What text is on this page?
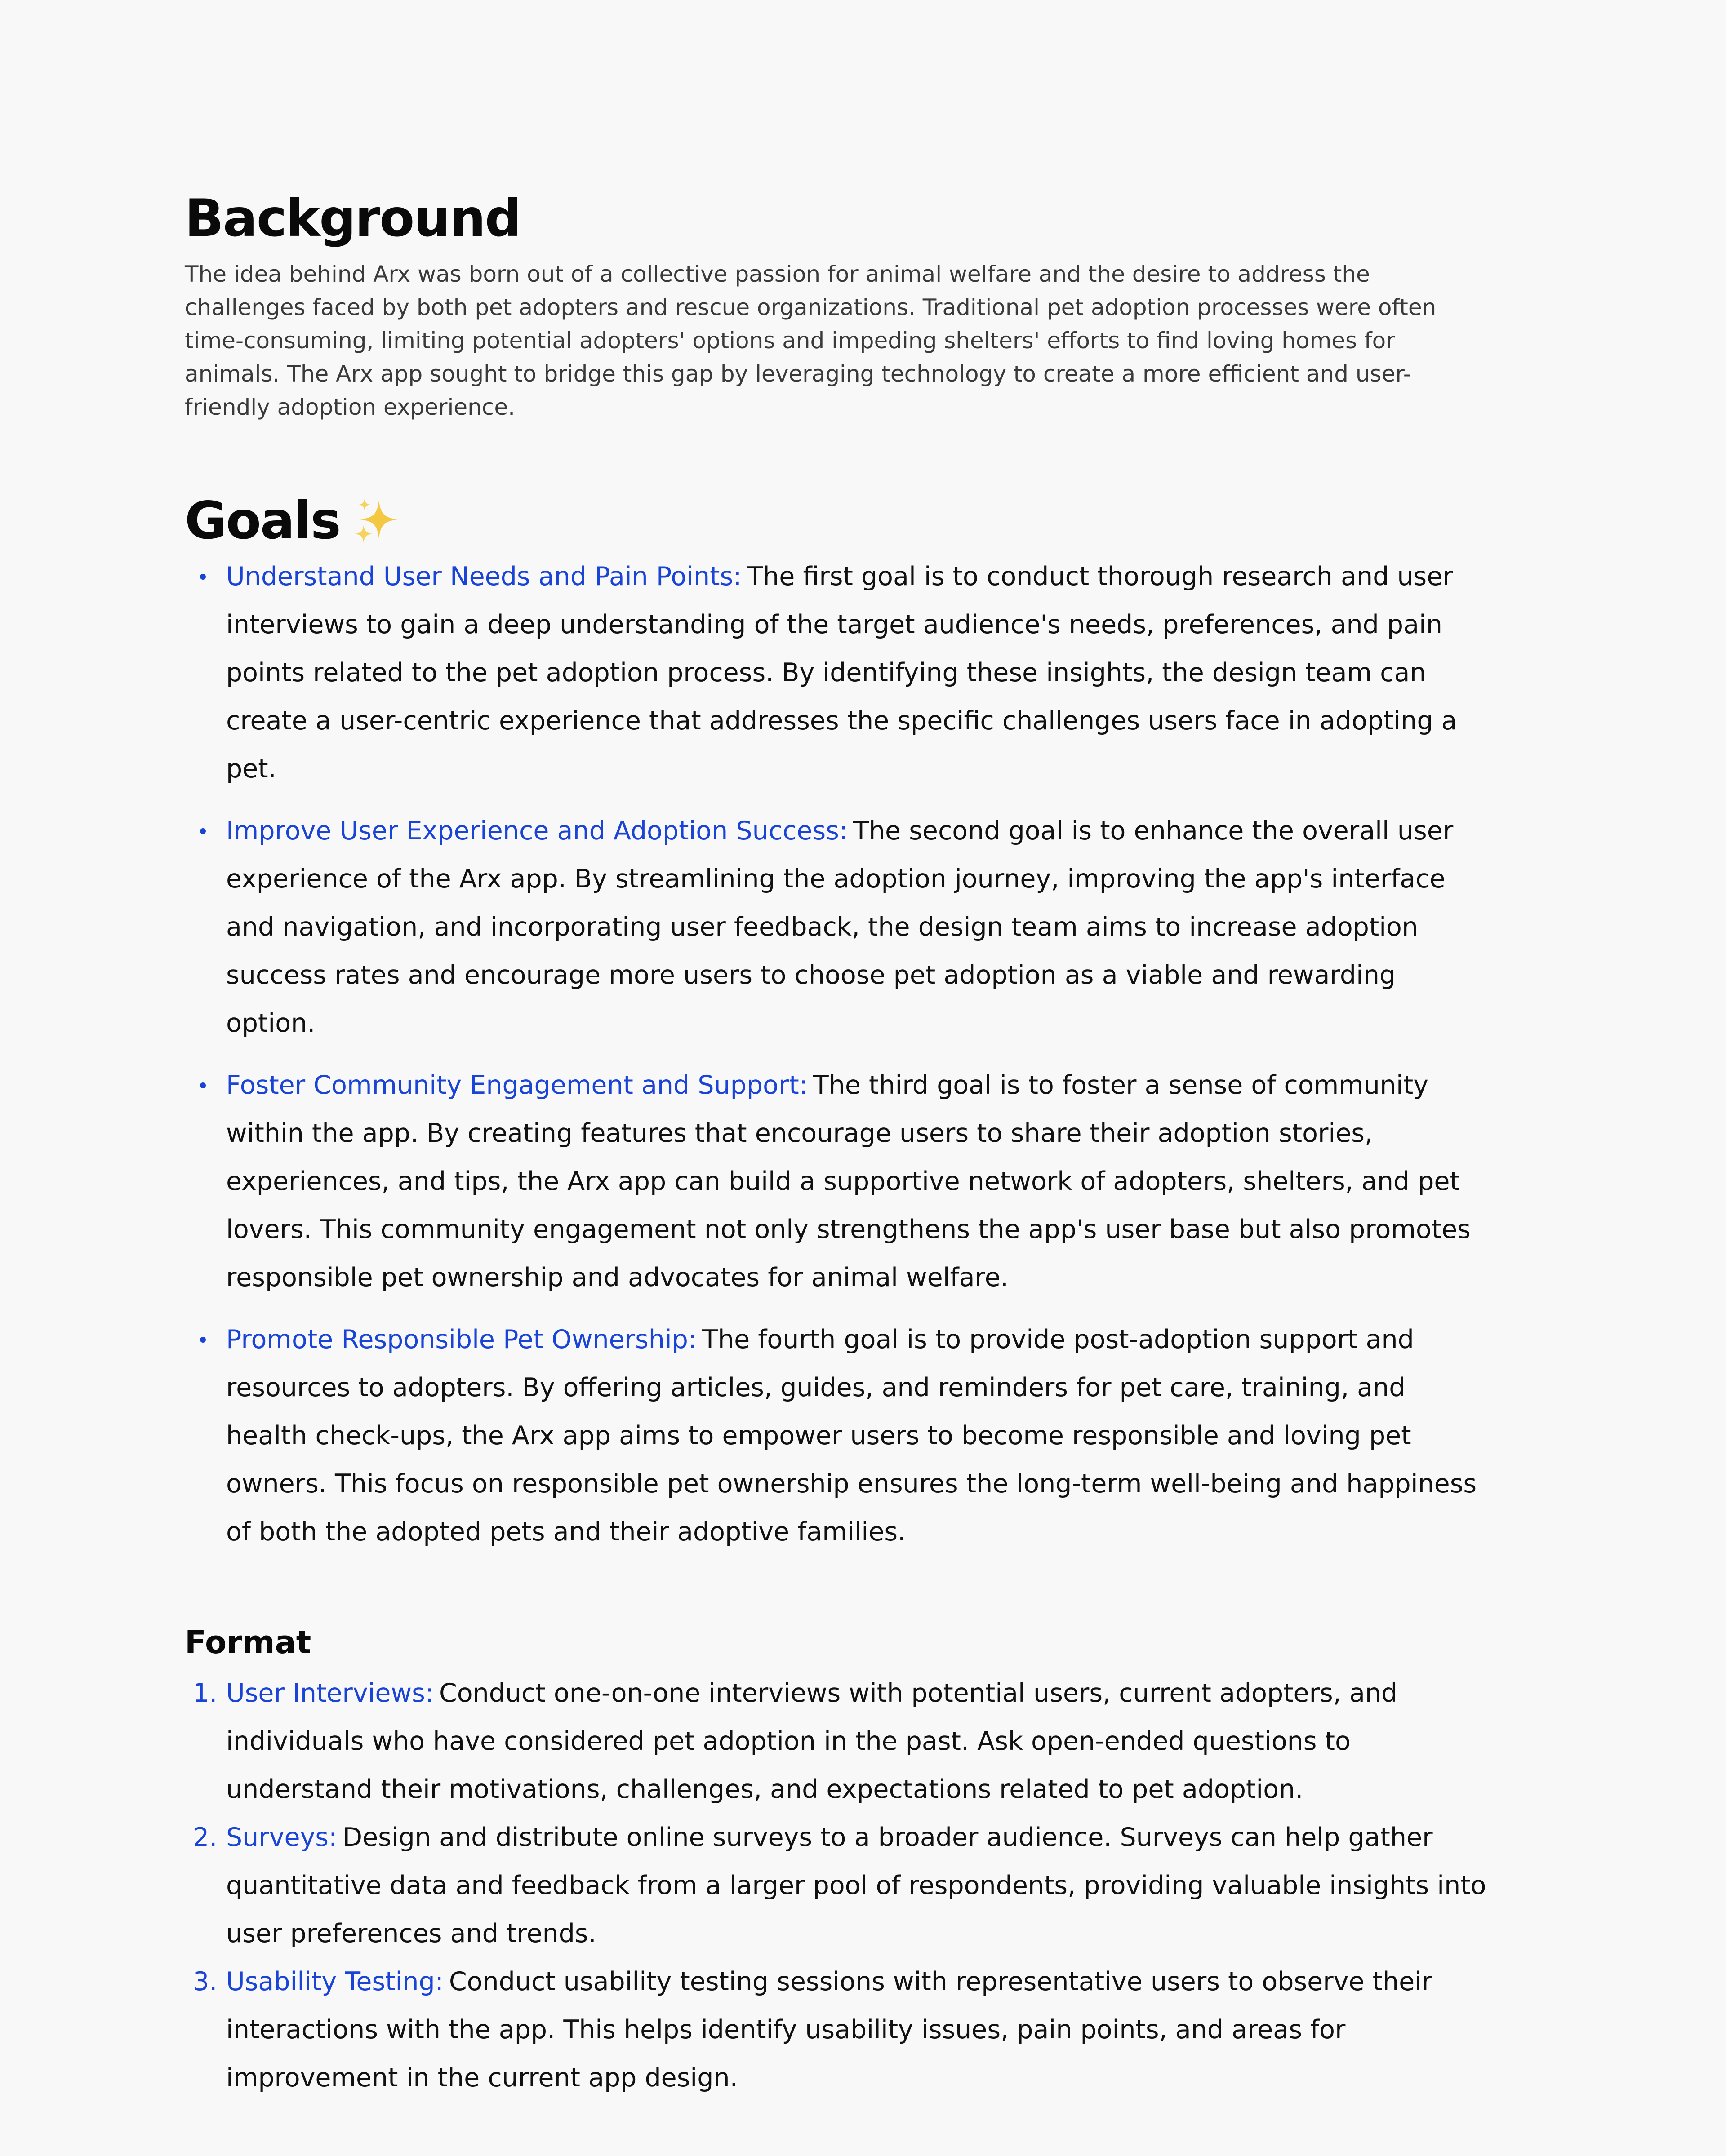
Background

The idea behind Arx was born out of a collective passion for animal welfare and the desire to address the challenges faced by both pet adopters and rescue organizations. Traditional pet adoption processes were often time-consuming, limiting potential adopters' options and impeding shelters' efforts to find loving homes for animals. The Arx app sought to bridge this gap by leveraging technology to create a more efficient and user-friendly adoption experience.

Goals
Understand User Needs and Pain Points: The first goal is to conduct thorough research and user interviews to gain a deep understanding of the target audience's needs, preferences, and pain points related to the pet adoption process. By identifying these insights, the design team can create a user-centric experience that addresses the specific challenges users face in adopting a pet.
Improve User Experience and Adoption Success: The second goal is to enhance the overall user experience of the Arx app. By streamlining the adoption journey, improving the app's interface and navigation, and incorporating user feedback, the design team aims to increase adoption success rates and encourage more users to choose pet adoption as a viable and rewarding option.
Foster Community Engagement and Support: The third goal is to foster a sense of community within the app. By creating features that encourage users to share their adoption stories, experiences, and tips, the Arx app can build a supportive network of adopters, shelters, and pet lovers. This community engagement not only strengthens the app's user base but also promotes responsible pet ownership and advocates for animal welfare.
Promote Responsible Pet Ownership: The fourth goal is to provide post-adoption support and resources to adopters. By offering articles, guides, and reminders for pet care, training, and health check-ups, the Arx app aims to empower users to become responsible and loving pet owners. This focus on responsible pet ownership ensures the long-term well-being and happiness of both the adopted pets and their adoptive families.
Format
1. User Interviews: Conduct one-on-one interviews with potential users, current adopters, and individuals who have considered pet adoption in the past. Ask open-ended questions to understand their motivations, challenges, and expectations related to pet adoption.
2. Surveys: Design and distribute online surveys to a broader audience. Surveys can help gather quantitative data and feedback from a larger pool of respondents, providing valuable insights into user preferences and trends.
3. Usability Testing: Conduct usability testing sessions with representative users to observe their interactions with the app. This helps identify usability issues, pain points, and areas for improvement in the current app design.
